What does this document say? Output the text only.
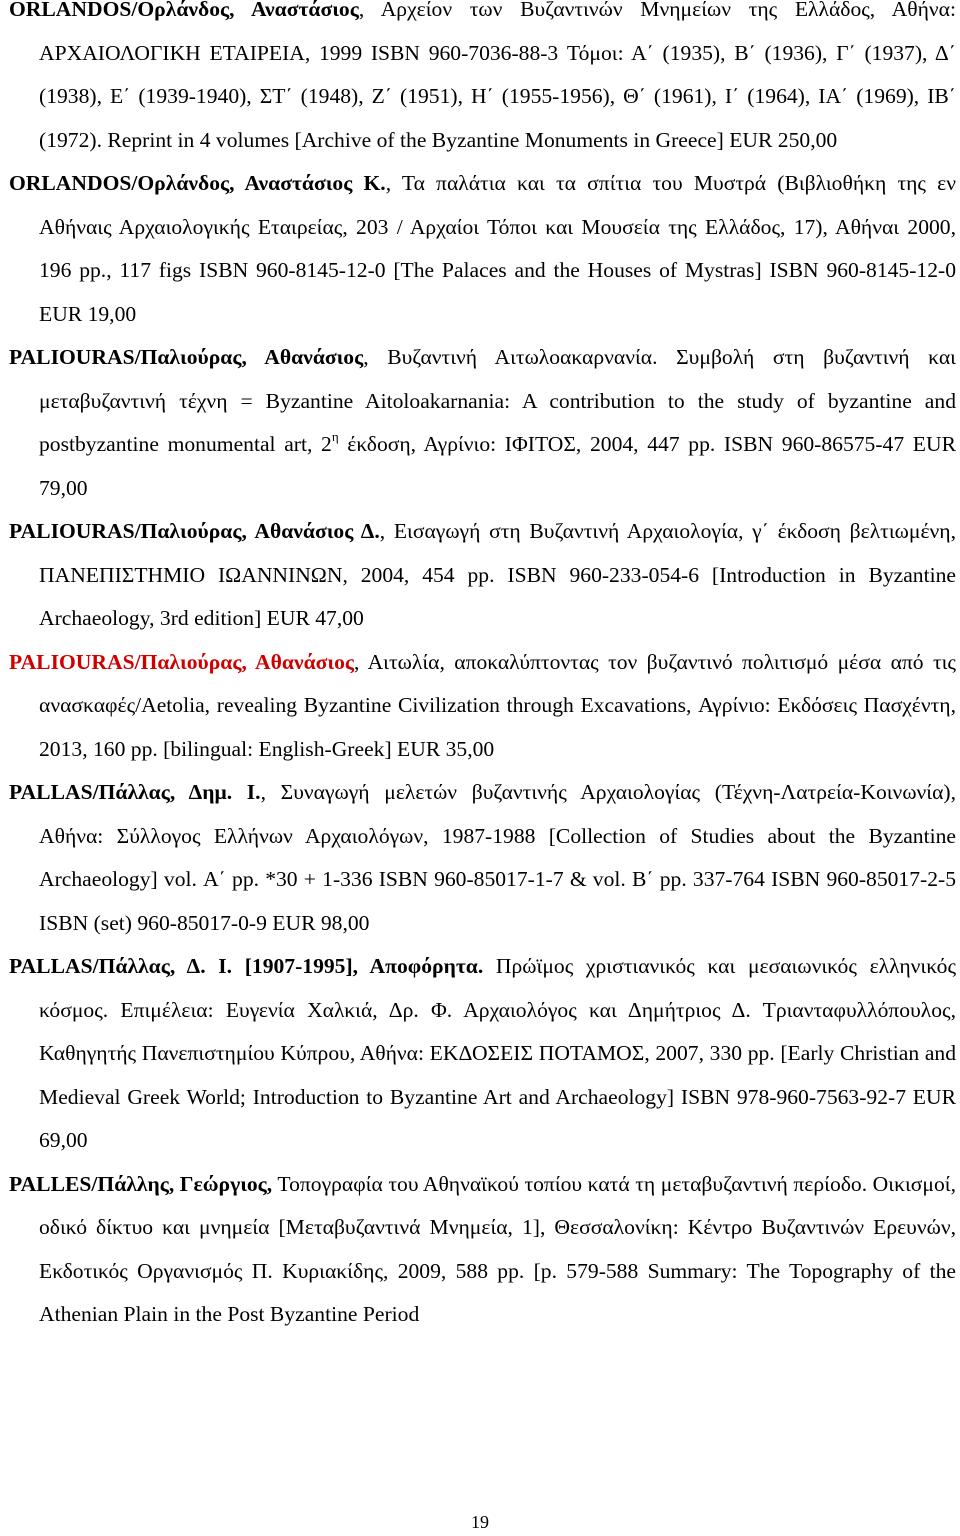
ORLANDOS/Ορλάνδος, Αναστάσιος, Αρχείον των Βυζαντινών Μνημείων της Ελλάδος, Αθήνα: ΑΡΧΑΙΟΛΟΓΙΚΗ ΕΤΑΙΡΕΙΑ, 1999 ISBN 960-7036-88-3 Τόμοι: Α΄ (1935), Β΄ (1936), Γ΄ (1937), Δ΄ (1938), Ε΄ (1939-1940), ΣΤ΄ (1948), Ζ΄ (1951), Η΄ (1955-1956), Θ΄ (1961), Ι΄ (1964), ΙΑ΄ (1969), ΙΒ΄ (1972). Reprint in 4 volumes [Archive of the Byzantine Monuments in Greece] EUR 250,00

ORLANDOS/Ορλάνδος, Αναστάσιος Κ., Τα παλάτια και τα σπίτια του Μυστρά (Βιβλιοθήκη της εν Αθήναις Αρχαιολογικής Εταιρείας, 203 / Αρχαίοι Τόποι και Μουσεία της Ελλάδος, 17), Αθήναι 2000, 196 pp., 117 figs ISBN 960-8145-12-0 [The Palaces and the Houses of Mystras] ISBN 960-8145-12-0 EUR 19,00

PALIOURAS/Παλιούρας, Αθανάσιος, Βυζαντινή Αιτωλοακαρνανία. Συμβολή στη βυζαντινή και μεταβυζαντινή τέχνη = Byzantine Aitoloakarnania: A contribution to the study of byzantine and postbyzantine monumental art, $2^\eta$ έκδοση, Αγρίνιο: ΙΦΙΤΟΣ, 2004, 447 pp. ISBN 960-86575-47 EUR 79,00

PALIOURAS/Παλιούρας, Αθανάσιος Δ., Εισαγωγή στη Βυζαντινή Αρχαιολογία, γ΄ έκδοση βελτιωμένη, ΠΑΝΕΠΙΣΤΗΜΙΟ ΙΩΑΝΝΙΝΩΝ, 2004, 454 pp. ISBN 960-233-054-6 [Introduction in Byzantine Archaeology, 3rd edition] EUR 47,00

PALIOURAS/Παλιούρας, Αθανάσιος, Αιτωλία, αποκαλύπτοντας τον βυζαντινό πολιτισμό μέσα από τις ανασκαφές/Aetolia, revealing Byzantine Civilization through Excavations, Αγρίνιο: Εκδόσεις Πασχέντη, 2013, 160 pp. [bilingual: English-Greek] EUR 35,00

PALLAS/Πάλλας, Δημ. Ι., Συναγωγή μελετών βυζαντινής Αρχαιολογίας (Τέχνη-Λατρεία-Κοινωνία), Αθήνα: Σύλλογος Ελλήνων Αρχαιολόγων, 1987-1988 [Collection of Studies about the Byzantine Archaeology] vol. Α΄ pp. *30 + 1-336 ISBN 960-85017-1-7 & vol. Β΄ pp. 337-764 ISBN 960-85017-2-5 ISBN (set) 960-85017-0-9 EUR 98,00

PALLAS/Πάλλας, Δ. Ι. [1907-1995], Αποφόρητα. Πρώϊμος χριστιανικός και μεσαιωνικός ελληνικός κόσμος. Επιμέλεια: Ευγενία Χαλκιά, Δρ. Φ. Αρχαιολόγος και Δημήτριος Δ. Τριανταφυλλόπουλος, Καθηγητής Πανεπιστημίου Κύπρου, Αθήνα: ΕΚΔΟΣΕΙΣ ΠΟΤΑΜΟΣ, 2007, 330 pp. [Early Christian and Medieval Greek World; Introduction to Byzantine Art and Archaeology] ISBN 978-960-7563-92-7 EUR 69,00

PALLES/Πάλλης, Γεώργιος, Τοπογραφία του Αθηναϊκού τοπίου κατά τη μεταβυζαντινή περίοδο. Οικισμοί, οδικό δίκτυο και μνημεία [Μεταβυζαντινά Μνημεία, 1], Θεσσαλονίκη: Κέντρο Βυζαντινών Ερευνών, Εκδοτικός Οργανισμός Π. Κυριακίδης, 2009, 588 pp. [p. 579-588 Summary: The Topography of the Athenian Plain in the Post Byzantine Period

19
